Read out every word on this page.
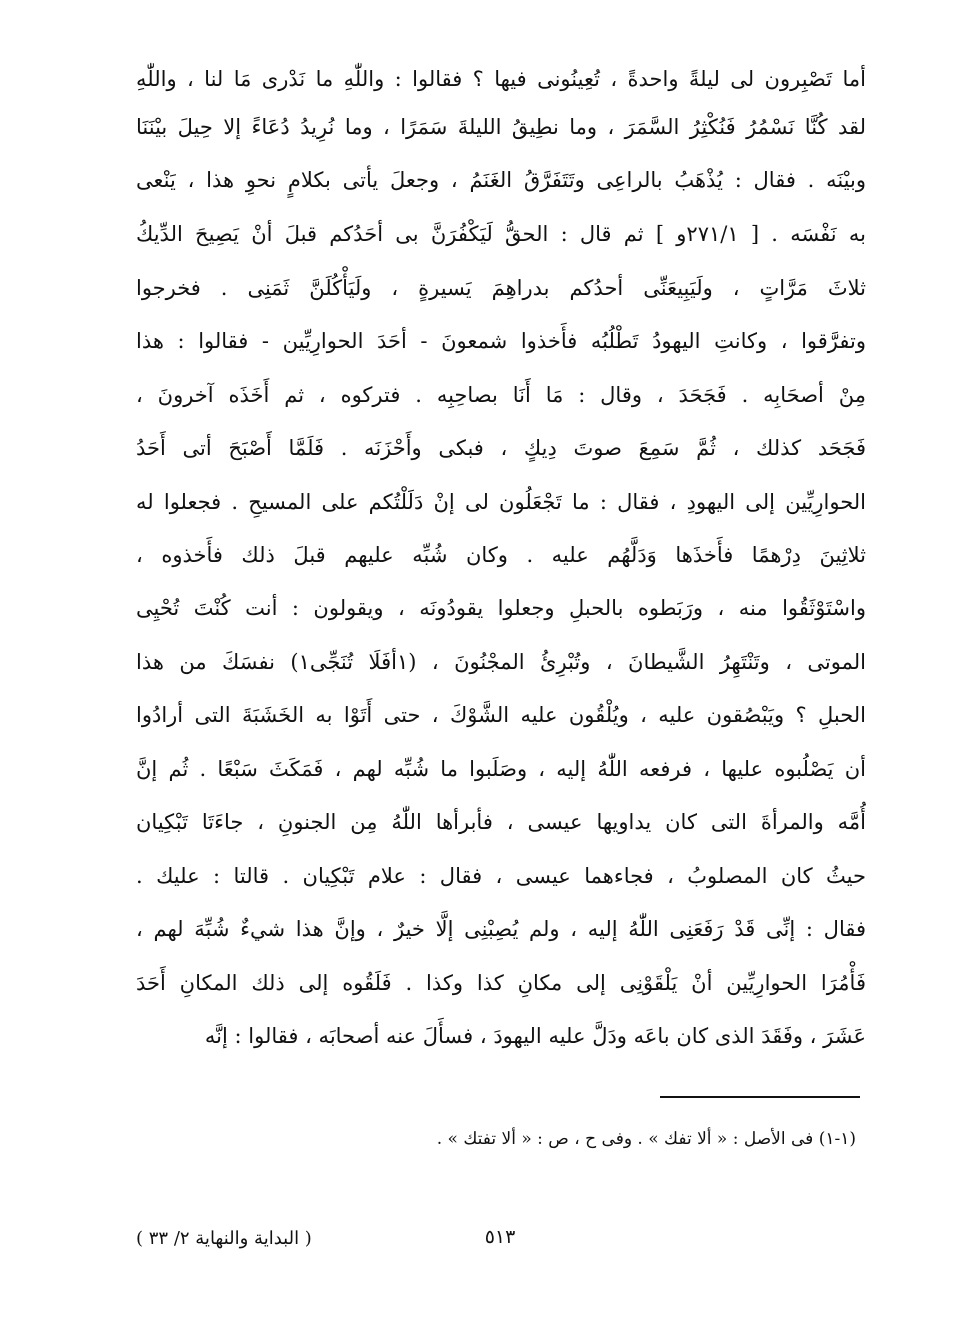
أما تَصْبِرون لى ليلةً واحدةً ، تُعِينُونى فيها ؟ فقالوا : واللّٰهِ ما نَدْرى مَا لنا ، واللّٰهِ
لقد كُنَّا نَسْمُرُ فَنُكْثِرُ السَّمَرَ ، وما نطِيقُ الليلةَ سَمَرًا ، وما نُرِيدُ دُعَاءً إلا حِيلَ بيْنَنَا
وبيْنَه . فقال : يُذْهَبُ بالراعِى وتَتَفَرَّقُ الغَنَمُ ، وجعلَ يأتى بكلامٍ نحوِ هذا ، يَنْعى
به نَفْسَه . [ ٢٧١/١و ] ثم قال : الحقُّ لَيَكْفُرَنَّ بى أحَدُكم قبلَ أنْ يَصِيحَ الدِّيكُ
ثلاثَ مَرَّاتٍ ، ولَيَبِيعَنِّى أحدُكم بدراهِمَ يَسيرةٍ ، ولَيَأْكُلَنَّ ثَمَنِى . فخرجوا
وتفرَّقوا ، وكانتِ اليهودُ تَطْلُبُه فأَخذوا شمعونَ - أحَدَ الحوارِيِّين - فقالوا : هذا
مِنْ أصحَابِه . فَجَحَدَ ، وقال : مَا أَنَا بصاحِبِه . فتركوه ، ثم أَخَذَه آخرونَ ،
فَجَحَد كذلك ، ثُمَّ سَمِعَ صوتَ دِيكٍ ، فبكى وأَحْزَنَه . فَلَمَّا أَصْبَحَ أتى أَحَدُ
الحوارِيِّين إلى اليهودِ ، فقال : ما تَجْعَلُون لى إنْ دَلَلْتُكم على المسيحِ . فجعلوا له
ثلاثِينَ دِرْهمًا فأَخذَها وَدَلَّهُم عليه . وكان شُبِّه عليهم قبلَ ذلك فأَخذوه ،
واسْتَوْثَقُوا منه ، ورَبَطوه بالحبلِ وجعلوا يقودُونَه ، ويقولون : أنت كُنْتَ تُحْيِى
الموتى ، وتَنْتَهِرُ الشَّيطانَ ، وتُبْرِئُ المجْنُونَ ، (١أفَلَا تُنَجِّى١) نفسَكَ من هذا
الحبلِ ؟ ويَبْصُقون عليه ، ويُلْقُون عليه الشَّوْكَ ، حتى أَتَوْا به الخَشَبَةَ التى أرادُوا
أن يَصْلُبوه عليها ، فرفعه اللّٰهُ إليه ، وصَلَبوا ما شُبِّه لهم ، فَمَكَثَ سَبْعًا . ثُم إنَّ
أُمَّه والمرأةَ التى كان يداويها عيسى ، فأبرأها اللّٰهُ مِن الجنونِ ، جاءَتَا تَبْكِيان
حيثُ كان المصلوبُ ، فجاءهما عيسى ، فقال : علام تَبْكِيان . قالتا : عليك .
فقال : إنِّى قَدْ رَفَعَنِى اللّٰهُ إليه ، ولم يُصِبْنِى إلَّا خيرٌ ، وإنَّ هذا شيءٌ شُبِّهَ لهم ،
فَأْمُرَا الحوارِيِّين أنْ يَلْقَوْنِى إلى مكانِ كذا وكذا . فَلَقُوه إلى ذلك المكانِ أَحَدَ
عَشَرَ ، وفَقَدَ الذى كان باعَه ودَلَّ عليه اليهودَ ، فسأَلَ عنه أصحابَه ، فقالوا : إنَّه
(١-١) فى الأصل : « ألا تفك » . وفى ح ، ص : « ألا تفتك » .
٥١٣
( البداية والنهاية ٢/ ٣٣ )
